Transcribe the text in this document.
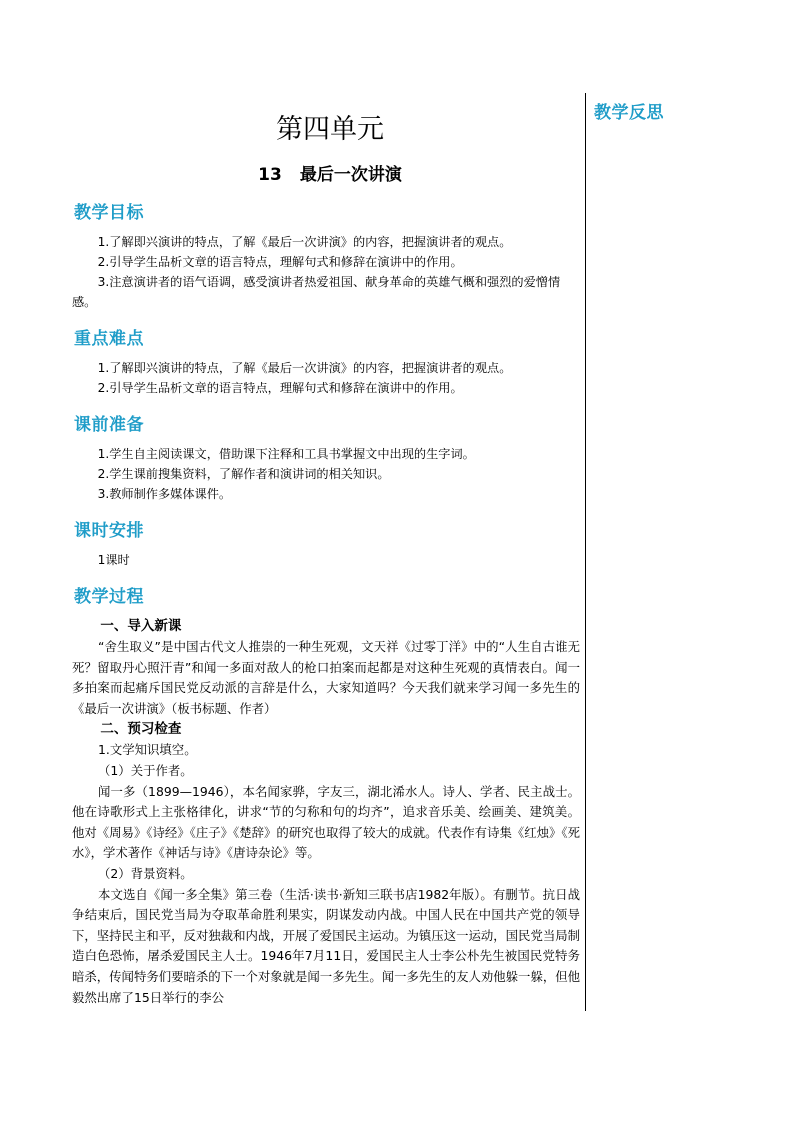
教学反思
第四单元
13 最后一次讲演
教学目标

1.了解即兴演讲的特点，了解《最后一次讲演》的内容，把握演讲者的观点。

2.引导学生品析文章的语言特点，理解句式和修辞在演讲中的作用。

3.注意演讲者的语气语调，感受演讲者热爱祖国、献身革命的英雄气概和强烈的爱憎情感。

重点难点

1.了解即兴演讲的特点，了解《最后一次讲演》的内容，把握演讲者的观点。

2.引导学生品析文章的语言特点，理解句式和修辞在演讲中的作用。

课前准备

1.学生自主阅读课文，借助课下注释和工具书掌握文中出现的生字词。

2.学生课前搜集资料，了解作者和演讲词的相关知识。

3.教师制作多媒体课件。

课时安排

1课时

教学过程

一、导入新课

“舍生取义”是中国古代文人推崇的一种生死观，文天祥《过零丁洋》中的“人生自古谁无死？留取丹心照汗青”和闻一多面对敌人的枪口拍案而起都是对这种生死观的真情表白。闻一多拍案而起痛斥国民党反动派的言辞是什么，大家知道吗？今天我们就来学习闻一多先生的《最后一次讲演》（板书标题、作者）

二、预习检查

1.文学知识填空。

（1）关于作者。

闻一多（1899—1946），本名闻家骅，字友三，湖北浠水人。诗人、学者、民主战士。他在诗歌形式上主张格律化，讲求“节的匀称和句的均齐”，追求音乐美、绘画美、建筑美。他对《周易》《诗经》《庄子》《楚辞》的研究也取得了较大的成就。代表作有诗集《红烛》《死水》，学术著作《神话与诗》《唐诗杂论》等。

（2）背景资料。

本文选自《闻一多全集》第三卷（生活·读书·新知三联书店1982年版）。有删节。抗日战争结束后，国民党当局为夺取革命胜利果实，阴谋发动内战。中国人民在中国共产党的领导下，坚持民主和平，反对独裁和内战，开展了爱国民主运动。为镇压这一运动，国民党当局制造白色恐怖，屠杀爱国民主人士。1946年7月11日，爱国民主人士李公朴先生被国民党特务暗杀，传闻特务们要暗杀的下一个对象就是闻一多先生。闻一多先生的友人劝他躲一躲，但他毅然出席了15日举行的李公
